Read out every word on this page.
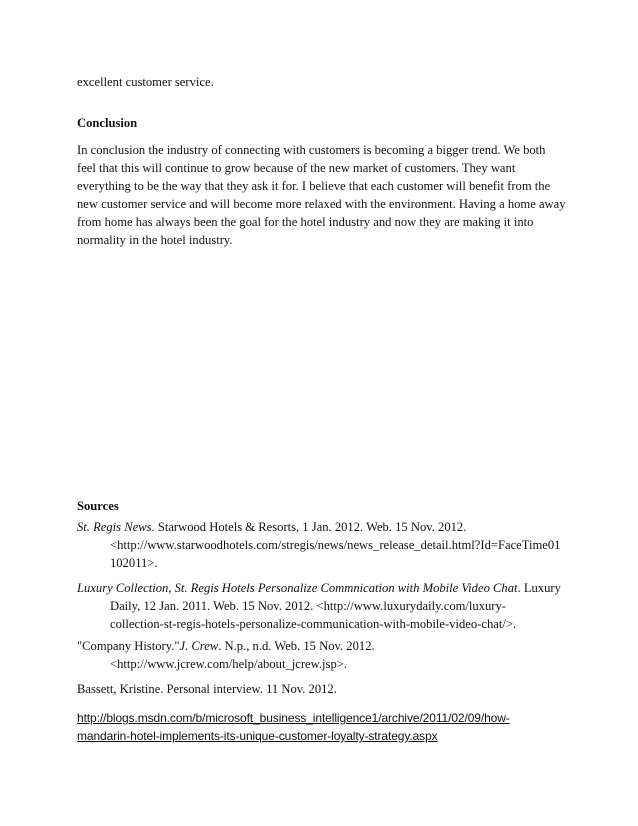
excellent customer service.
Conclusion
In conclusion the industry of connecting with customers is becoming a bigger trend. We both
feel that this will continue to grow because of the new market of customers. They want
everything to be the way that they ask it for. I believe that each customer will benefit from the
new customer service and will become more relaxed with the environment. Having a home away
from home has always been the goal for the hotel industry and now they are making it into
normality in the hotel industry.
Sources
St. Regis News. Starwood Hotels & Resorts, 1 Jan. 2012. Web. 15 Nov. 2012.
<http://www.starwoodhotels.com/stregis/news/news_release_detail.html?Id=FaceTime01
102011>.
Luxury Collection, St. Regis Hotels Personalize Commnication with Mobile Video Chat. Luxury
Daily, 12 Jan. 2011. Web. 15 Nov. 2012. <http://www.luxurydaily.com/luxury-
collection-st-regis-hotels-personalize-communication-with-mobile-video-chat/>.
"Company History."J. Crew. N.p., n.d. Web. 15 Nov. 2012.
<http://www.jcrew.com/help/about_jcrew.jsp>.
Bassett, Kristine. Personal interview. 11 Nov. 2012.
http://blogs.msdn.com/b/microsoft_business_intelligence1/archive/2011/02/09/how-
mandarin-hotel-implements-its-unique-customer-loyalty-strategy.aspx
